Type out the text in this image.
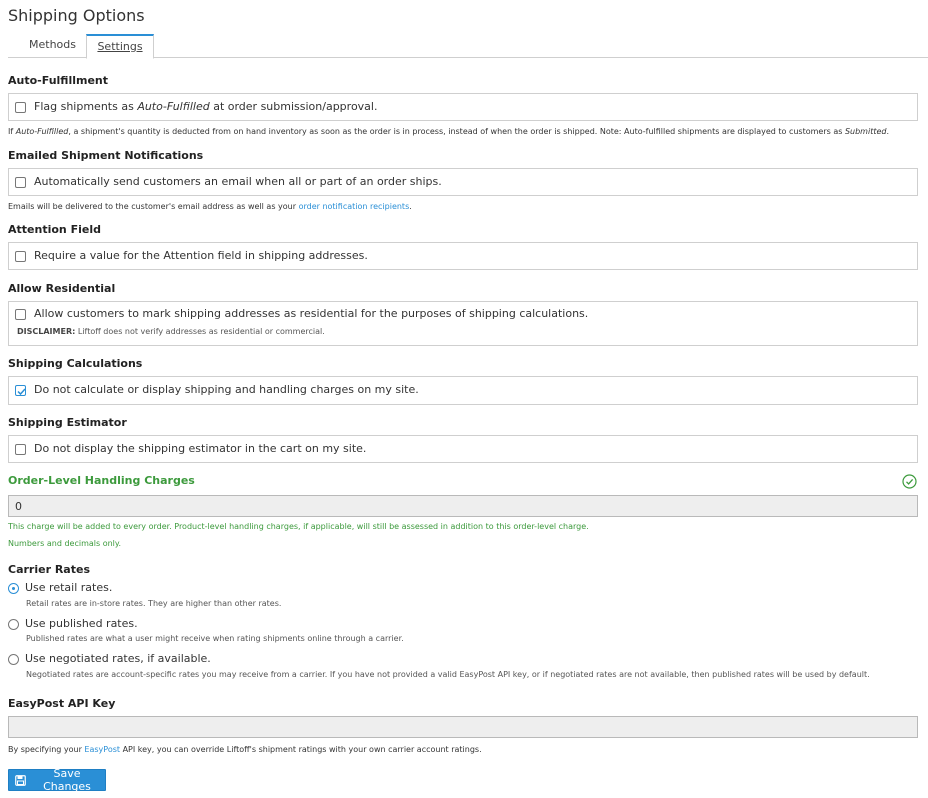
Shipping Options
Methods	Settings
Auto-Fulfillment
Flag shipments as Auto-Fulfilled at order submission/approval.
If Auto-Fulfilled, a shipment's quantity is deducted from on hand inventory as soon as the order is in process, instead of when the order is shipped. Note: Auto-fulfilled shipments are displayed to customers as Submitted.
Emailed Shipment Notifications
Automatically send customers an email when all or part of an order ships.
Emails will be delivered to the customer's email address as well as your order notification recipients.
Attention Field
Require a value for the Attention field in shipping addresses.
Allow Residential
Allow customers to mark shipping addresses as residential for the purposes of shipping calculations.
DISCLAIMER: Liftoff does not verify addresses as residential or commercial.
Shipping Calculations
Do not calculate or display shipping and handling charges on my site.
Shipping Estimator
Do not display the shipping estimator in the cart on my site.
Order-Level Handling Charges
0
This charge will be added to every order. Product-level handling charges, if applicable, will still be assessed in addition to this order-level charge.
Numbers and decimals only.
Carrier Rates
Use retail rates.
Retail rates are in-store rates. They are higher than other rates.
Use published rates.
Published rates are what a user might receive when rating shipments online through a carrier.
Use negotiated rates, if available.
Negotiated rates are account-specific rates you may receive from a carrier. If you have not provided a valid EasyPost API key, or if negotiated rates are not available, then published rates will be used by default.
EasyPost API Key
By specifying your EasyPost API key, you can override Liftoff's shipment ratings with your own carrier account ratings.
Save Changes
